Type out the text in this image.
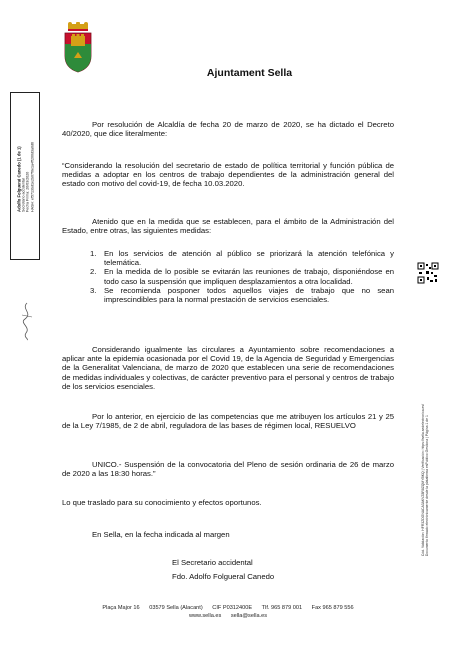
Ajuntament Sella
Adolfo Folguerai Canedo (1 de 1) Secretario accidental Fecha Firma: 20/03/2020 HASH: ef5713bd1e2b07f0e1a4ff200d3a0d6

Por resolución de Alcaldía de fecha 20 de marzo de 2020, se ha dictado el Decreto 40/2020, que dice literalmente:

“Considerando la resolución del secretario de estado de política territorial y función pública de medidas a adoptar en los centros de trabajo dependientes de la administración general del estado con motivo del covid-19, de fecha 10.03.2020.

Atenido que en la medida que se establecen, para el ámbito de la Administración del Estado, entre otras, las siguientes medidas:

1. En los servicios de atención al público se priorizará la atención telefónica y telemática.
2. En la medida de lo posible se evitarán las reuniones de trabajo, disponiéndose en todo caso la suspensión que impliquen desplazamientos a otra localidad.
3. Se recomienda posponer todos aquellos viajes de trabajo que no sean imprescindibles para la normal prestación de servicios esenciales.

Considerando igualmente las circulares a Ayuntamiento sobre recomendaciones a aplicar ante la epidemia ocasionada por el Covid 19, de la Agencia de Seguridad y Emergencias de la Generalitat Valenciana, de marzo de 2020 que establecen una serie de recomendaciones de medidas individuales y colectivas, de carácter preventivo para el personal y centros de trabajo de los servicios esenciales.

Por lo anterior, en ejercicio de las competencias que me atribuyen los artículos 21 y 25 de la Ley 7/1985, de 2 de abril, reguladora de las bases de régimen local, RESUELVO

UNICO.- Suspensión de la convocatoria del Pleno de sesión ordinaria de 26 de marzo de 2020 a las 18:30 horas.”

Lo que traslado para su conocimiento y efectos oportunos.

En Sella, en la fecha indicada al margen

El Secretario accidental

Fdo. Adolfo Folgueral Canedo

Plaça Major 16 03579 Sella (Alacant) CIF P0312400E Tlf. 965 879 001 Fax 965 879 556
www.sella.es sella@sella.es
Cód. Validación: HFR3ZDGNACA3AKVZ8R8ZQMYBKQ | Verificación: https://sella.sedelectronica.es/ Documento firmado electrónicamente desde la plataforma esPublico Gestiona | Página 1 de 1
